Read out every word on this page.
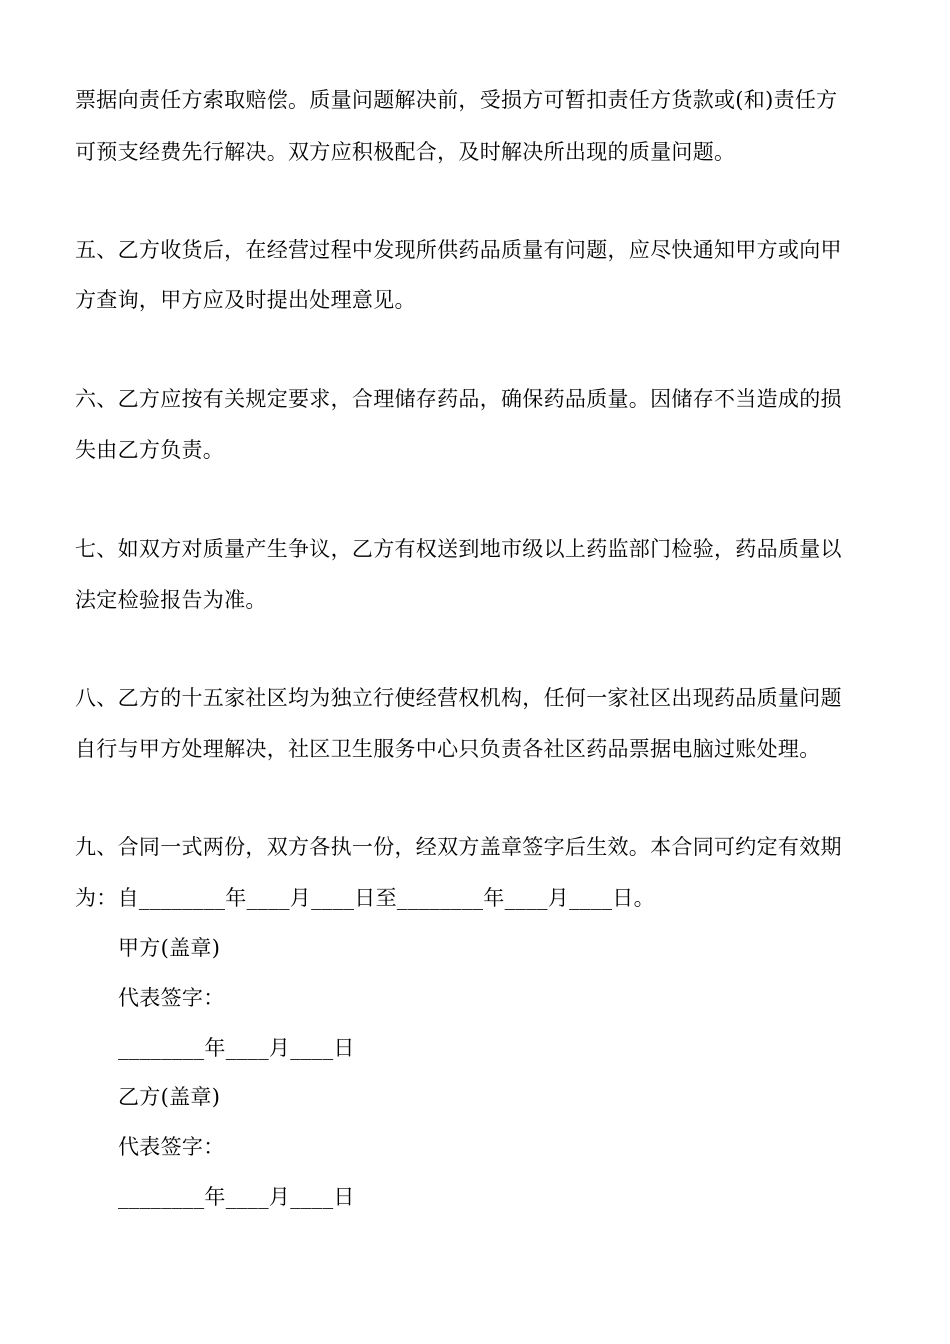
票据向责任方索取赔偿。质量问题解决前，受损方可暂扣责任方货款或(和)责任方
可预支经费先行解决。双方应积极配合，及时解决所出现的质量问题。
五、乙方收货后，在经营过程中发现所供药品质量有问题，应尽快通知甲方或向甲
方查询，甲方应及时提出处理意见。
六、乙方应按有关规定要求，合理储存药品，确保药品质量。因储存不当造成的损
失由乙方负责。
七、如双方对质量产生争议，乙方有权送到地市级以上药监部门检验，药品质量以
法定检验报告为准。
八、乙方的十五家社区均为独立行使经营权机构，任何一家社区出现药品质量问题
自行与甲方处理解决，社区卫生服务中心只负责各社区药品票据电脑过账处理。
九、合同一式两份，双方各执一份，经双方盖章签字后生效。本合同可约定有效期
为：自________年____月____日至________年____月____日。
甲方(盖章)
代表签字：
________年____月____日
乙方(盖章)
代表签字：
________年____月____日
